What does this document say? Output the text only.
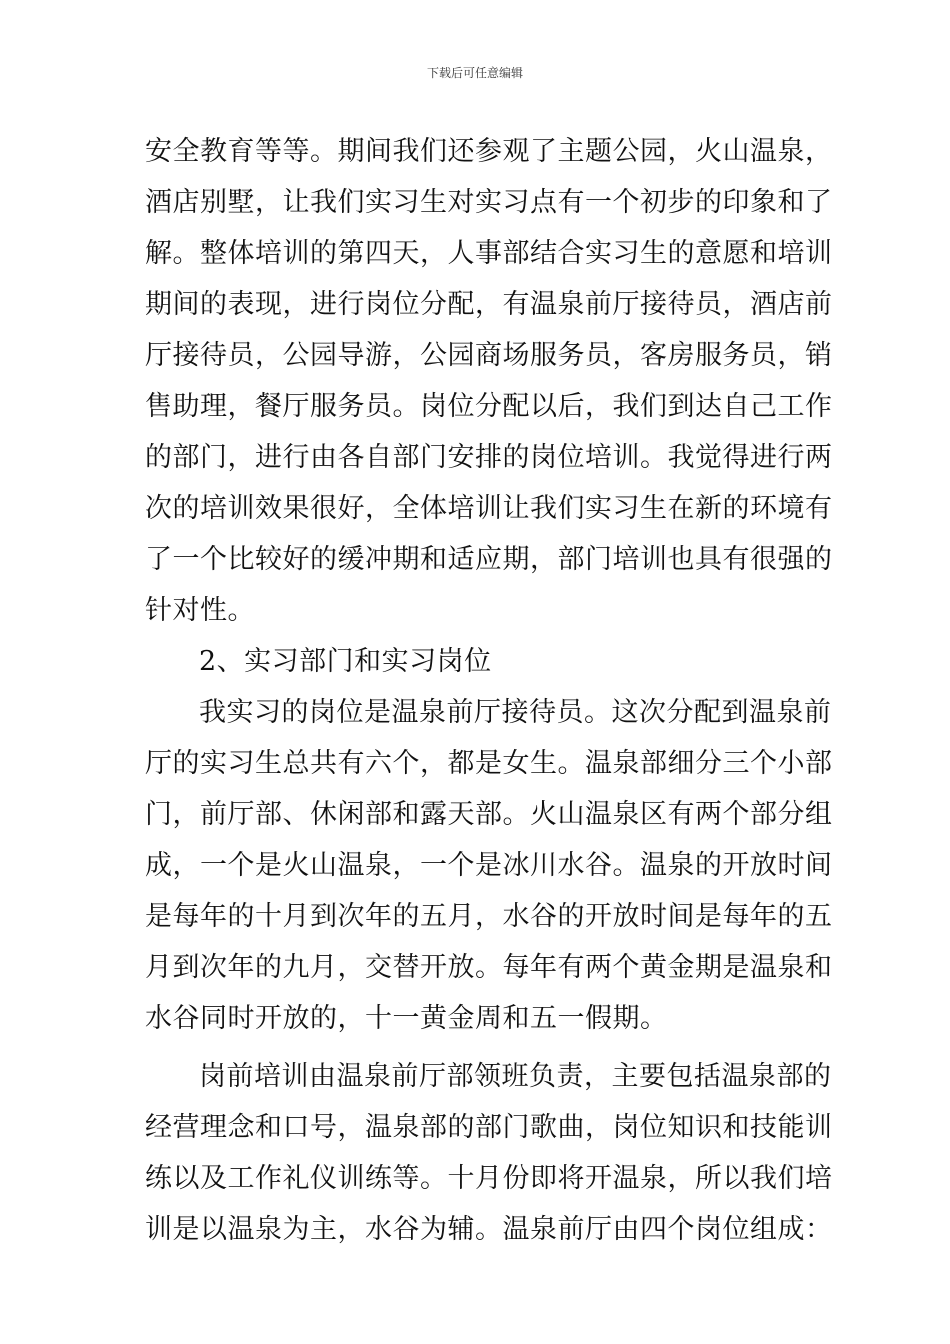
下载后可任意编辑
安全教育等等。期间我们还参观了主题公园，火山温泉，
酒店别墅，让我们实习生对实习点有一个初步的印象和了
解。整体培训的第四天，人事部结合实习生的意愿和培训
期间的表现，进行岗位分配，有温泉前厅接待员，酒店前
厅接待员，公园导游，公园商场服务员，客房服务员，销
售助理，餐厅服务员。岗位分配以后，我们到达自己工作
的部门，进行由各自部门安排的岗位培训。我觉得进行两
次的培训效果很好，全体培训让我们实习生在新的环境有
了一个比较好的缓冲期和适应期，部门培训也具有很强的
针对性。
2、实习部门和实习岗位
我实习的岗位是温泉前厅接待员。这次分配到温泉前
厅的实习生总共有六个，都是女生。温泉部细分三个小部
门，前厅部、休闲部和露天部。火山温泉区有两个部分组
成，一个是火山温泉，一个是冰川水谷。温泉的开放时间
是每年的十月到次年的五月，水谷的开放时间是每年的五
月到次年的九月，交替开放。每年有两个黄金期是温泉和
水谷同时开放的，十一黄金周和五一假期。
岗前培训由温泉前厅部领班负责，主要包括温泉部的
经营理念和口号，温泉部的部门歌曲，岗位知识和技能训
练以及工作礼仪训练等。十月份即将开温泉，所以我们培
训是以温泉为主，水谷为辅。温泉前厅由四个岗位组成：
